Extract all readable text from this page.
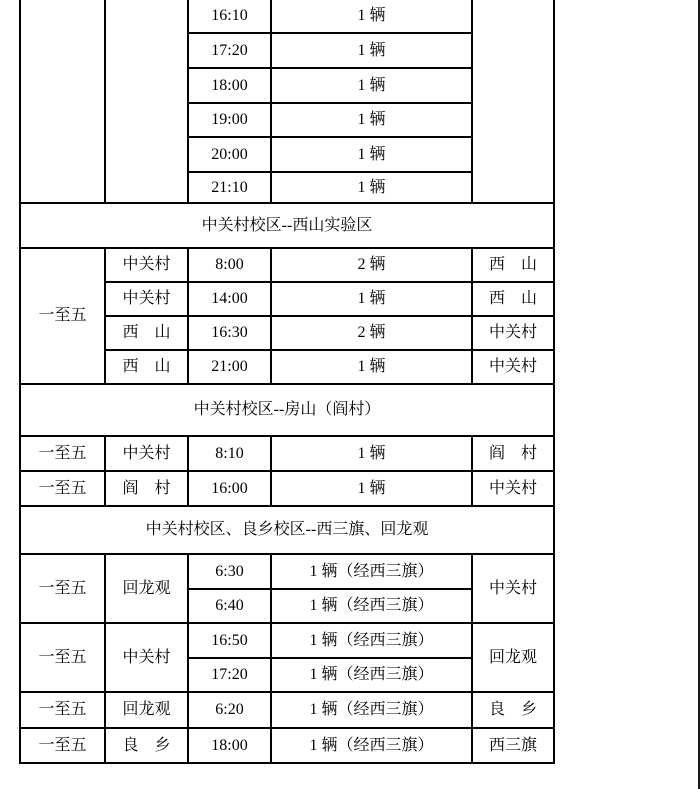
		16:10	1 辆	
		17:20	1 辆	
		18:00	1 辆	
		19:00	1 辆	
		20:00	1 辆	
		21:10	1 辆	
中关村校区--西山实验区				
一至五	中关村	8:00	2 辆	西　山
	中关村	14:00	1 辆	西　山
	西　山	16:30	2 辆	中关村
	西　山	21:00	1 辆	中关村
中关村校区--房山（阎村）				
一至五	中关村	8:10	1 辆	阎　村
一至五	阎　村	16:00	1 辆	中关村
中关村校区、良乡校区--西三旗、回龙观				
一至五	回龙观	6:30	1 辆（经西三旗）	中关村
		6:40	1 辆（经西三旗）	
一至五	中关村	16:50	1 辆（经西三旗）	回龙观
		17:20	1 辆（经西三旗）	
一至五	回龙观	6:20	1 辆（经西三旗）	良　乡
一至五	良　乡	18:00	1 辆（经西三旗）	西三旗
